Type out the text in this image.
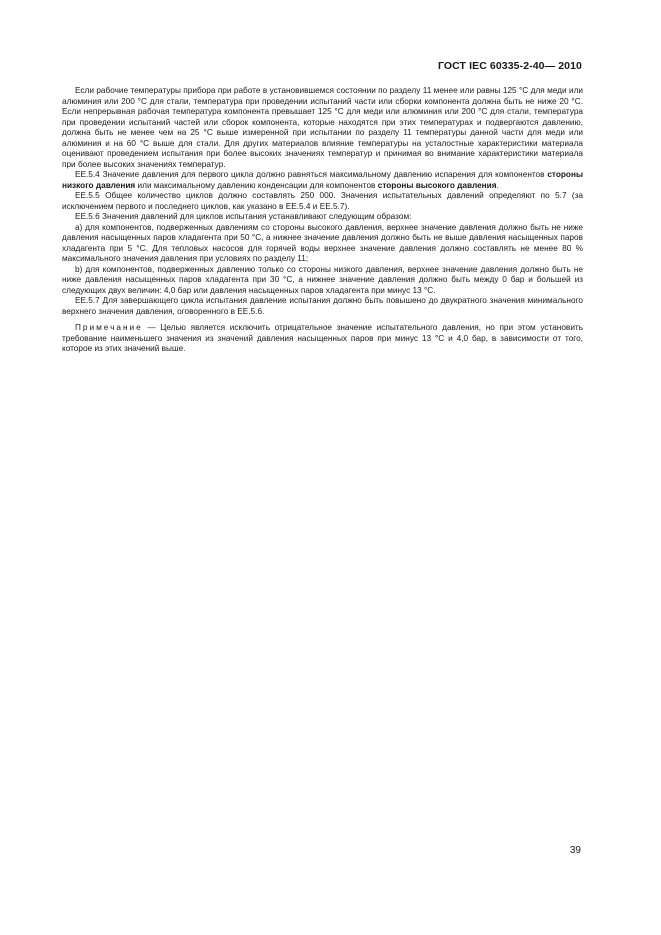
ГОСТ IEC 60335-2-40— 2010

Если рабочие температуры прибора при работе в установившемся состоянии по разделу 11 менее или равны 125 °С для меди или алюминия или 200 °С для стали, температура при проведении испытаний части или сборки компонента должна быть не ниже 20 °С. Если непрерывная рабочая температура компонента превышает 125 °С для меди или алюминия или 200 °С для стали, температура при проведении испытаний частей или сборок компонента, которые находятся при этих температурах и подвергаются давлению, должна быть не менее чем на 25 °С выше измеренной при испытании по разделу 11 температуры данной части для меди или алюминия и на 60 °С выше для стали. Для других материалов влияние температуры на усталостные характеристики материала оценивают проведением испытания при более высоких значениях температур и принимая во внимание характеристики материала при более высоких значениях температур.

ЕЕ.5.4 Значение давления для первого цикла должно равняться максимальному давлению испарения для компонентов стороны низкого давления или максимальному давлению конденсации для компонентов стороны высокого давления.

ЕЕ.5.5 Общее количество циклов должно составлять 250 000. Значения испытательных давлений определяют по 5.7 (за исключением первого и последнего циклов, как указано в ЕЕ.5.4 и ЕЕ.5.7).

ЕЕ.5.6 Значения давлений для циклов испытания устанавливают следующим образом:

а) для компонентов, подверженных давлениям со стороны высокого давления, верхнее значение давления должно быть не ниже давления насыщенных паров хладагента при 50 °С, а нижнее значение давления должно быть не выше давления насыщенных паров хладагента при 5 °С. Для тепловых насосов для горячей воды верхнее значение давления должно составлять не менее 80 % максимального значения давления при условиях по разделу 11;

b) для компонентов, подверженных давлению только со стороны низкого давления, верхнее значение давления должно быть не ниже давления насыщенных паров хладагента при 30 °С, а нижнее значение давления должно быть между 0 бар и большей из следующих двух величин: 4,0 бар или давления насыщенных паров хладагента при минус 13 °С.

ЕЕ.5.7 Для завершающего цикла испытания давление испытания должно быть повышено до двукратного значения минимального верхнего значения давления, оговоренного в ЕЕ.5.6.

Примечание — Целью является исключить отрицательное значение испытательного давления, но при этом установить требование наименьшего значения из значений давления насыщенных паров при минус 13 °С и 4,0 бар, в зависимости от того, которое из этих значений выше.

39
